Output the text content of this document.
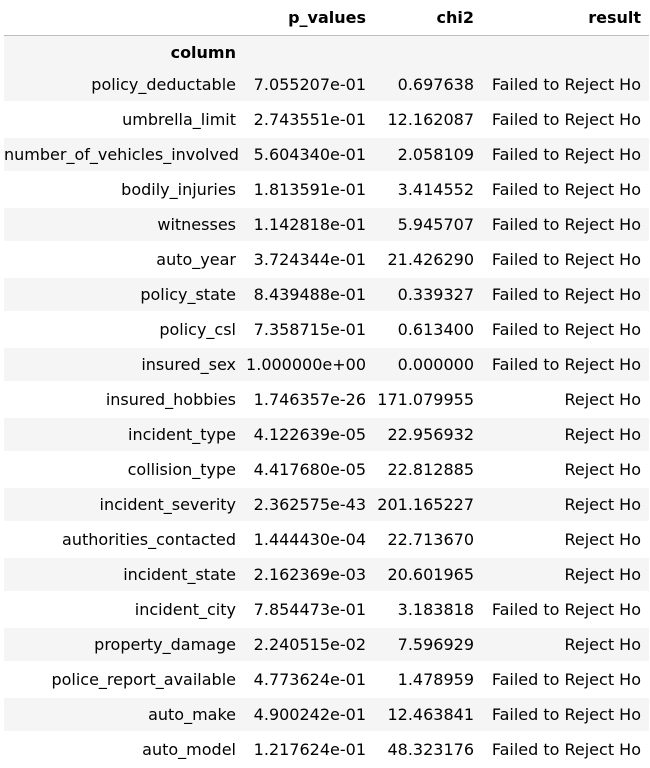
	p_values	chi2	result
column			
policy_deductable	7.055207e-01	0.697638	Failed to Reject Ho
umbrella_limit	2.743551e-01	12.162087	Failed to Reject Ho
number_of_vehicles_involved	5.604340e-01	2.058109	Failed to Reject Ho
bodily_injuries	1.813591e-01	3.414552	Failed to Reject Ho
witnesses	1.142818e-01	5.945707	Failed to Reject Ho
auto_year	3.724344e-01	21.426290	Failed to Reject Ho
policy_state	8.439488e-01	0.339327	Failed to Reject Ho
policy_csl	7.358715e-01	0.613400	Failed to Reject Ho
insured_sex	1.000000e+00	0.000000	Failed to Reject Ho
insured_hobbies	1.746357e-26	171.079955	Reject Ho
incident_type	4.122639e-05	22.956932	Reject Ho
collision_type	4.417680e-05	22.812885	Reject Ho
incident_severity	2.362575e-43	201.165227	Reject Ho
authorities_contacted	1.444430e-04	22.713670	Reject Ho
incident_state	2.162369e-03	20.601965	Reject Ho
incident_city	7.854473e-01	3.183818	Failed to Reject Ho
property_damage	2.240515e-02	7.596929	Reject Ho
police_report_available	4.773624e-01	1.478959	Failed to Reject Ho
auto_make	4.900242e-01	12.463841	Failed to Reject Ho
auto_model	1.217624e-01	48.323176	Failed to Reject Ho
